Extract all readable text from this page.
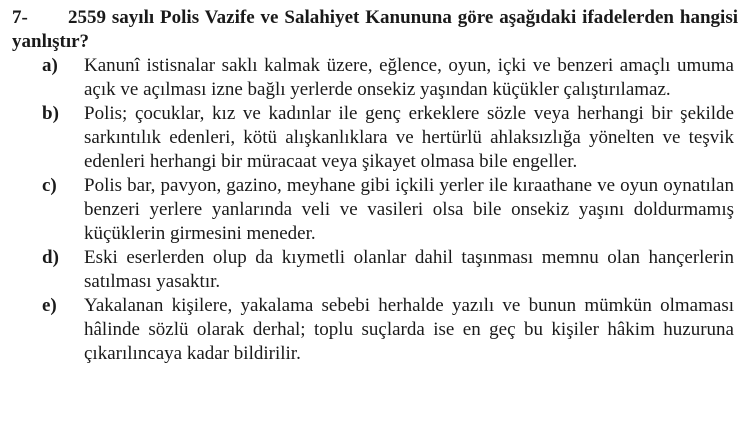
7- 2559 sayılı Polis Vazife ve Salahiyet Kanununa göre aşağıdaki ifadelerden hangisi yanlıştır?
a)	Kanunî istisnalar saklı kalmak üzere, eğlence, oyun, içki ve benzeri amaçlı umuma açık ve açılması izne bağlı yerlerde onsekiz yaşından küçükler çalıştırılamaz.
b)	Polis; çocuklar, kız ve kadınlar ile genç erkeklere sözle veya herhangi bir şekilde sarkıntılık edenleri, kötü alışkanlıklara ve hertürlü ahlaksızlığa yönelten ve teşvik edenleri herhangi bir müracaat veya şikayet olmasa bile engeller.
c)	Polis bar, pavyon, gazino, meyhane gibi içkili yerler ile kıraathane ve oyun oynatılan benzeri yerlere yanlarında veli ve vasileri olsa bile onsekiz yaşını doldurmamış küçüklerin girmesini meneder.
d)	Eski eserlerden olup da kıymetli olanlar dahil taşınması memnu olan hançerlerin satılması yasaktır.
e)	Yakalanan kişilere, yakalama sebebi herhalde yazılı ve bunun mümkün olmaması hâlinde sözlü olarak derhal; toplu suçlarda ise en geç bu kişiler hâkim huzuruna çıkarılıncaya kadar bildirilir.
